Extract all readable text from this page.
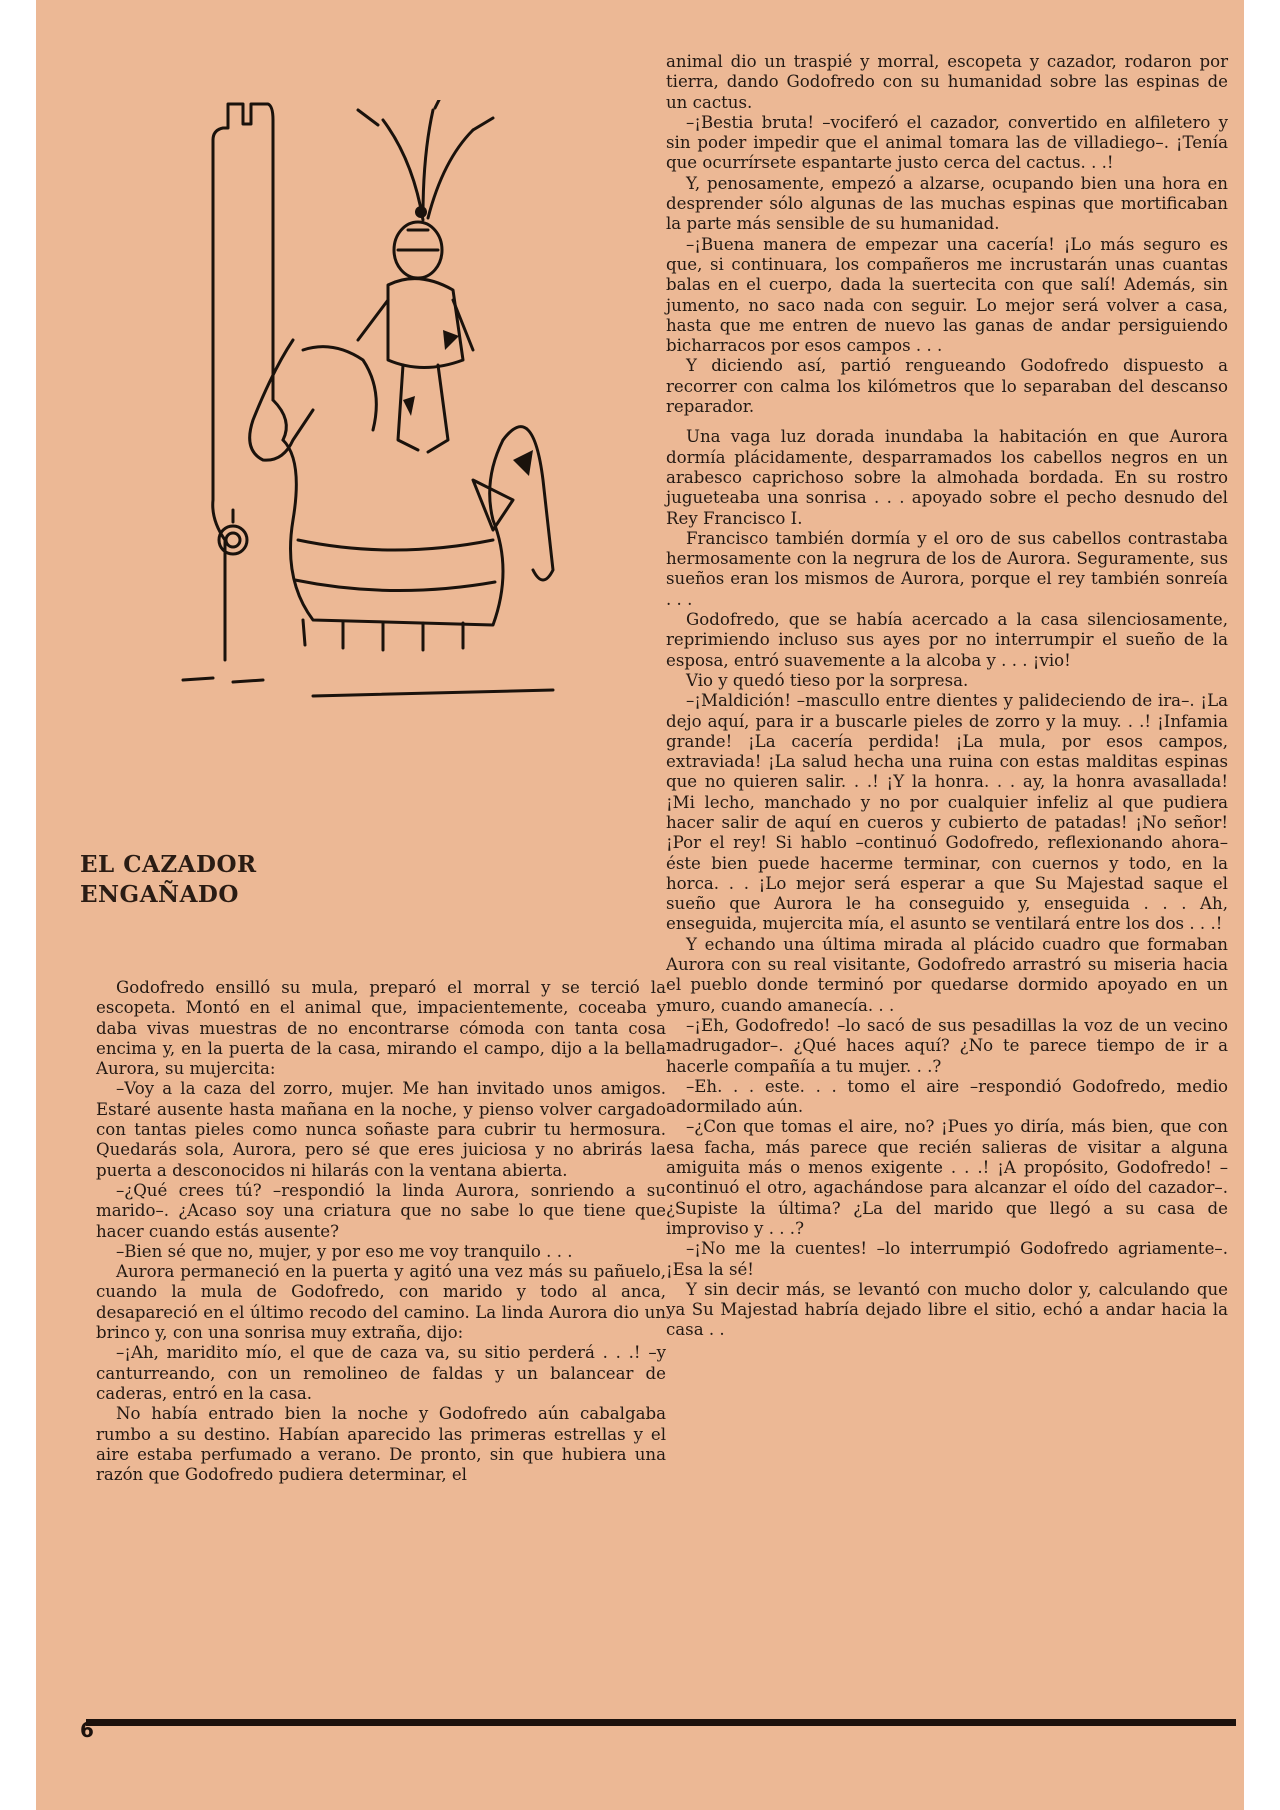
EL CAZADOR
ENGAÑADO

Godofredo ensilló su mula, preparó el morral y se terció la escopeta. Montó en el animal que, impacientemente, coceaba y daba vivas muestras de no encontrarse cómoda con tanta cosa encima y, en la puerta de la casa, mirando el campo, dijo a la bella Aurora, su mujercita:

–Voy a la caza del zorro, mujer. Me han invitado unos amigos. Estaré ausente hasta mañana en la noche, y pienso volver cargado con tantas pieles como nunca soñaste para cubrir tu hermosura. Quedarás sola, Aurora, pero sé que eres juiciosa y no abrirás la puerta a desconocidos ni hilarás con la ventana abierta.

–¿Qué crees tú? –respondió la linda Aurora, sonriendo a su marido–. ¿Acaso soy una criatura que no sabe lo que tiene que hacer cuando estás ausente?

–Bien sé que no, mujer, y por eso me voy tranquilo . . .

Aurora permaneció en la puerta y agitó una vez más su pañuelo, cuando la mula de Godofredo, con marido y todo al anca, desapareció en el último recodo del camino. La linda Aurora dio un brinco y, con una sonrisa muy extraña, dijo:

–¡Ah, maridito mío, el que de caza va, su sitio perderá . . .! –y canturreando, con un remolineo de faldas y un balancear de caderas, entró en la casa.

No había entrado bien la noche y Godofredo aún cabalgaba rumbo a su destino. Habían aparecido las primeras estrellas y el aire estaba perfumado a verano. De pronto, sin que hubiera una razón que Godofredo pudiera determinar, el

animal dio un traspié y morral, escopeta y cazador, rodaron por tierra, dando Godofredo con su humanidad sobre las espinas de un cactus.

–¡Bestia bruta! –vociferó el cazador, convertido en alfiletero y sin poder impedir que el animal tomara las de villadiego–. ¡Tenía que ocurrírsete espantarte justo cerca del cactus. . .!

Y, penosamente, empezó a alzarse, ocupando bien una hora en desprender sólo algunas de las muchas espinas que mortificaban la parte más sensible de su humanidad.

–¡Buena manera de empezar una cacería! ¡Lo más seguro es que, si continuara, los compañeros me incrustarán unas cuantas balas en el cuerpo, dada la suertecita con que salí! Además, sin jumento, no saco nada con seguir. Lo mejor será volver a casa, hasta que me entren de nuevo las ganas de andar persiguiendo bicharracos por esos campos . . .

Y diciendo así, partió rengueando Godofredo dispuesto a recorrer con calma los kilómetros que lo separaban del descanso reparador.

Una vaga luz dorada inundaba la habitación en que Aurora dormía plácidamente, desparramados los cabellos negros en un arabesco caprichoso sobre la almohada bordada. En su rostro jugueteaba una sonrisa . . . apoyado sobre el pecho desnudo del Rey Francisco I.

Francisco también dormía y el oro de sus cabellos contrastaba hermosamente con la negrura de los de Aurora. Seguramente, sus sueños eran los mismos de Aurora, porque el rey también sonreía . . .

Godofredo, que se había acercado a la casa silenciosamente, reprimiendo incluso sus ayes por no interrumpir el sueño de la esposa, entró suavemente a la alcoba y . . . ¡vio!

Vio y quedó tieso por la sorpresa.

–¡Maldición! –mascullo entre dientes y palideciendo de ira–. ¡La dejo aquí, para ir a buscarle pieles de zorro y la muy. . .! ¡Infamia grande! ¡La cacería perdida! ¡La mula, por esos campos, extraviada! ¡La salud hecha una ruina con estas malditas espinas que no quieren salir. . .! ¡Y la honra. . . ay, la honra avasallada! ¡Mi lecho, manchado y no por cualquier infeliz al que pudiera hacer salir de aquí en cueros y cubierto de patadas! ¡No señor! ¡Por el rey! Si hablo –continuó Godofredo, reflexionando ahora– éste bien puede hacerme terminar, con cuernos y todo, en la horca. . . ¡Lo mejor será esperar a que Su Majestad saque el sueño que Aurora le ha conseguido y, enseguida . . . Ah, enseguida, mujercita mía, el asunto se ventilará entre los dos . . .!

Y echando una última mirada al plácido cuadro que formaban Aurora con su real visitante, Godofredo arrastró su miseria hacia el pueblo donde terminó por quedarse dormido apoyado en un muro, cuando amanecía. . .

–¡Eh, Godofredo! –lo sacó de sus pesadillas la voz de un vecino madrugador–. ¿Qué haces aquí? ¿No te parece tiempo de ir a hacerle compañía a tu mujer. . .?

–Eh. . . este. . . tomo el aire –respondió Godofredo, medio adormilado aún.

–¿Con que tomas el aire, no? ¡Pues yo diría, más bien, que con esa facha, más parece que recién salieras de visitar a alguna amiguita más o menos exigente . . .! ¡A propósito, Godofredo! –continuó el otro, agachándose para alcanzar el oído del cazador–. ¿Supiste la última? ¿La del marido que llegó a su casa de improviso y . . .?

–¡No me la cuentes! –lo interrumpió Godofredo agriamente–. ¡Esa la sé!

Y sin decir más, se levantó con mucho dolor y, calculando que ya Su Majestad habría dejado libre el sitio, echó a andar hacia la casa . .

6
